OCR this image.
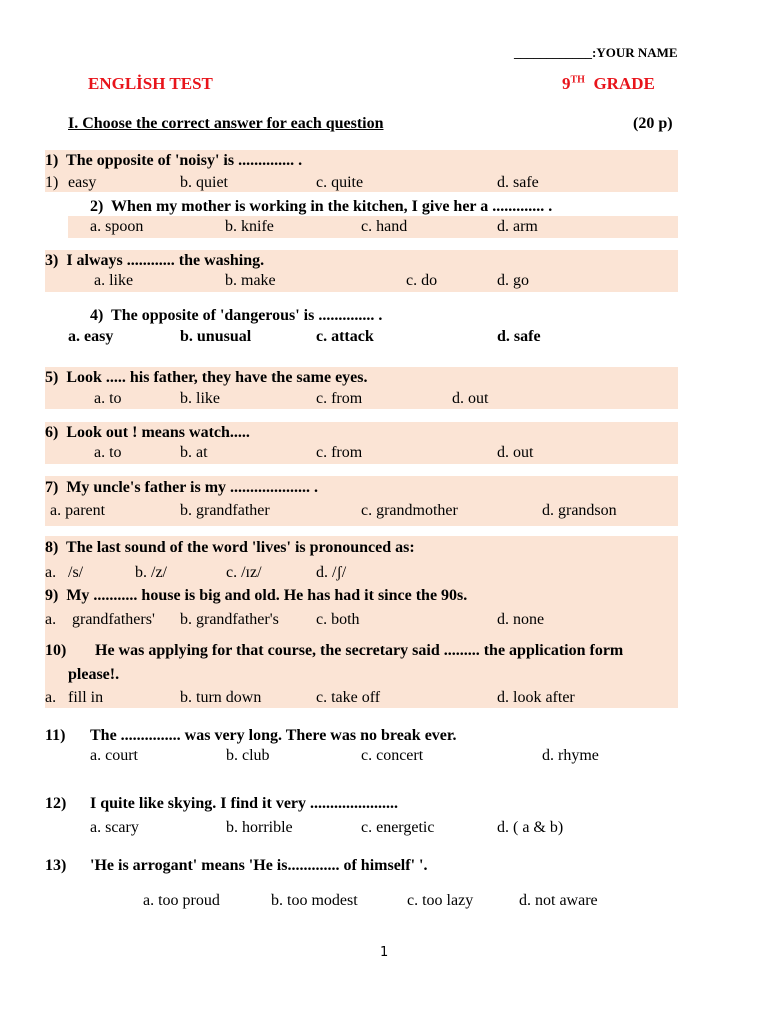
____________:YOUR NAME
ENGLİSH TEST	9TH GRADE
I. Choose the correct answer for each question	(20 p)
1) The opposite of 'noisy' is .............. .
1) easy	b. quiet	c. quite	d. safe
2) When my mother is working in the kitchen, I give her a ............. .
a. spoon	b. knife	c. hand	d. arm
3) I always ............ the washing.
a. like	b. make	c. do	d. go
4) The opposite of 'dangerous' is .............. .
a. easy	b. unusual	c. attack	d. safe
5) Look ..... his father, they have the same eyes.
a. to	b. like	c. from	d. out
6) Look out ! means watch.....
a. to	b. at	c. from	d. out
7) My uncle's father is my .................... .
a. parent	b. grandfather	c. grandmother	d. grandson
8) The last sound of the word 'lives' is pronounced as:
a. /s/	b. /z/	c. /ɪz/	d. /ʃ/
9) My ........... house is big and old. He has had it since the 90s.
a. grandfathers' b. grandfather's c. both	d. none
10) He was applying for that course, the secretary said ......... the application form
please!.
a. fill in	b. turn down	c. take off	d. look after
11) The ............... was very long. There was no break ever.
a. court	b. club	c. concert	d. rhyme
12) I quite like skying. I find it very ......................
a. scary	b. horrible	c. energetic	d. ( a & b)
13) 'He is arrogant' means 'He is............. of himself' '.
a. too proud	b. too modest	c. too lazy	d. not aware
1
